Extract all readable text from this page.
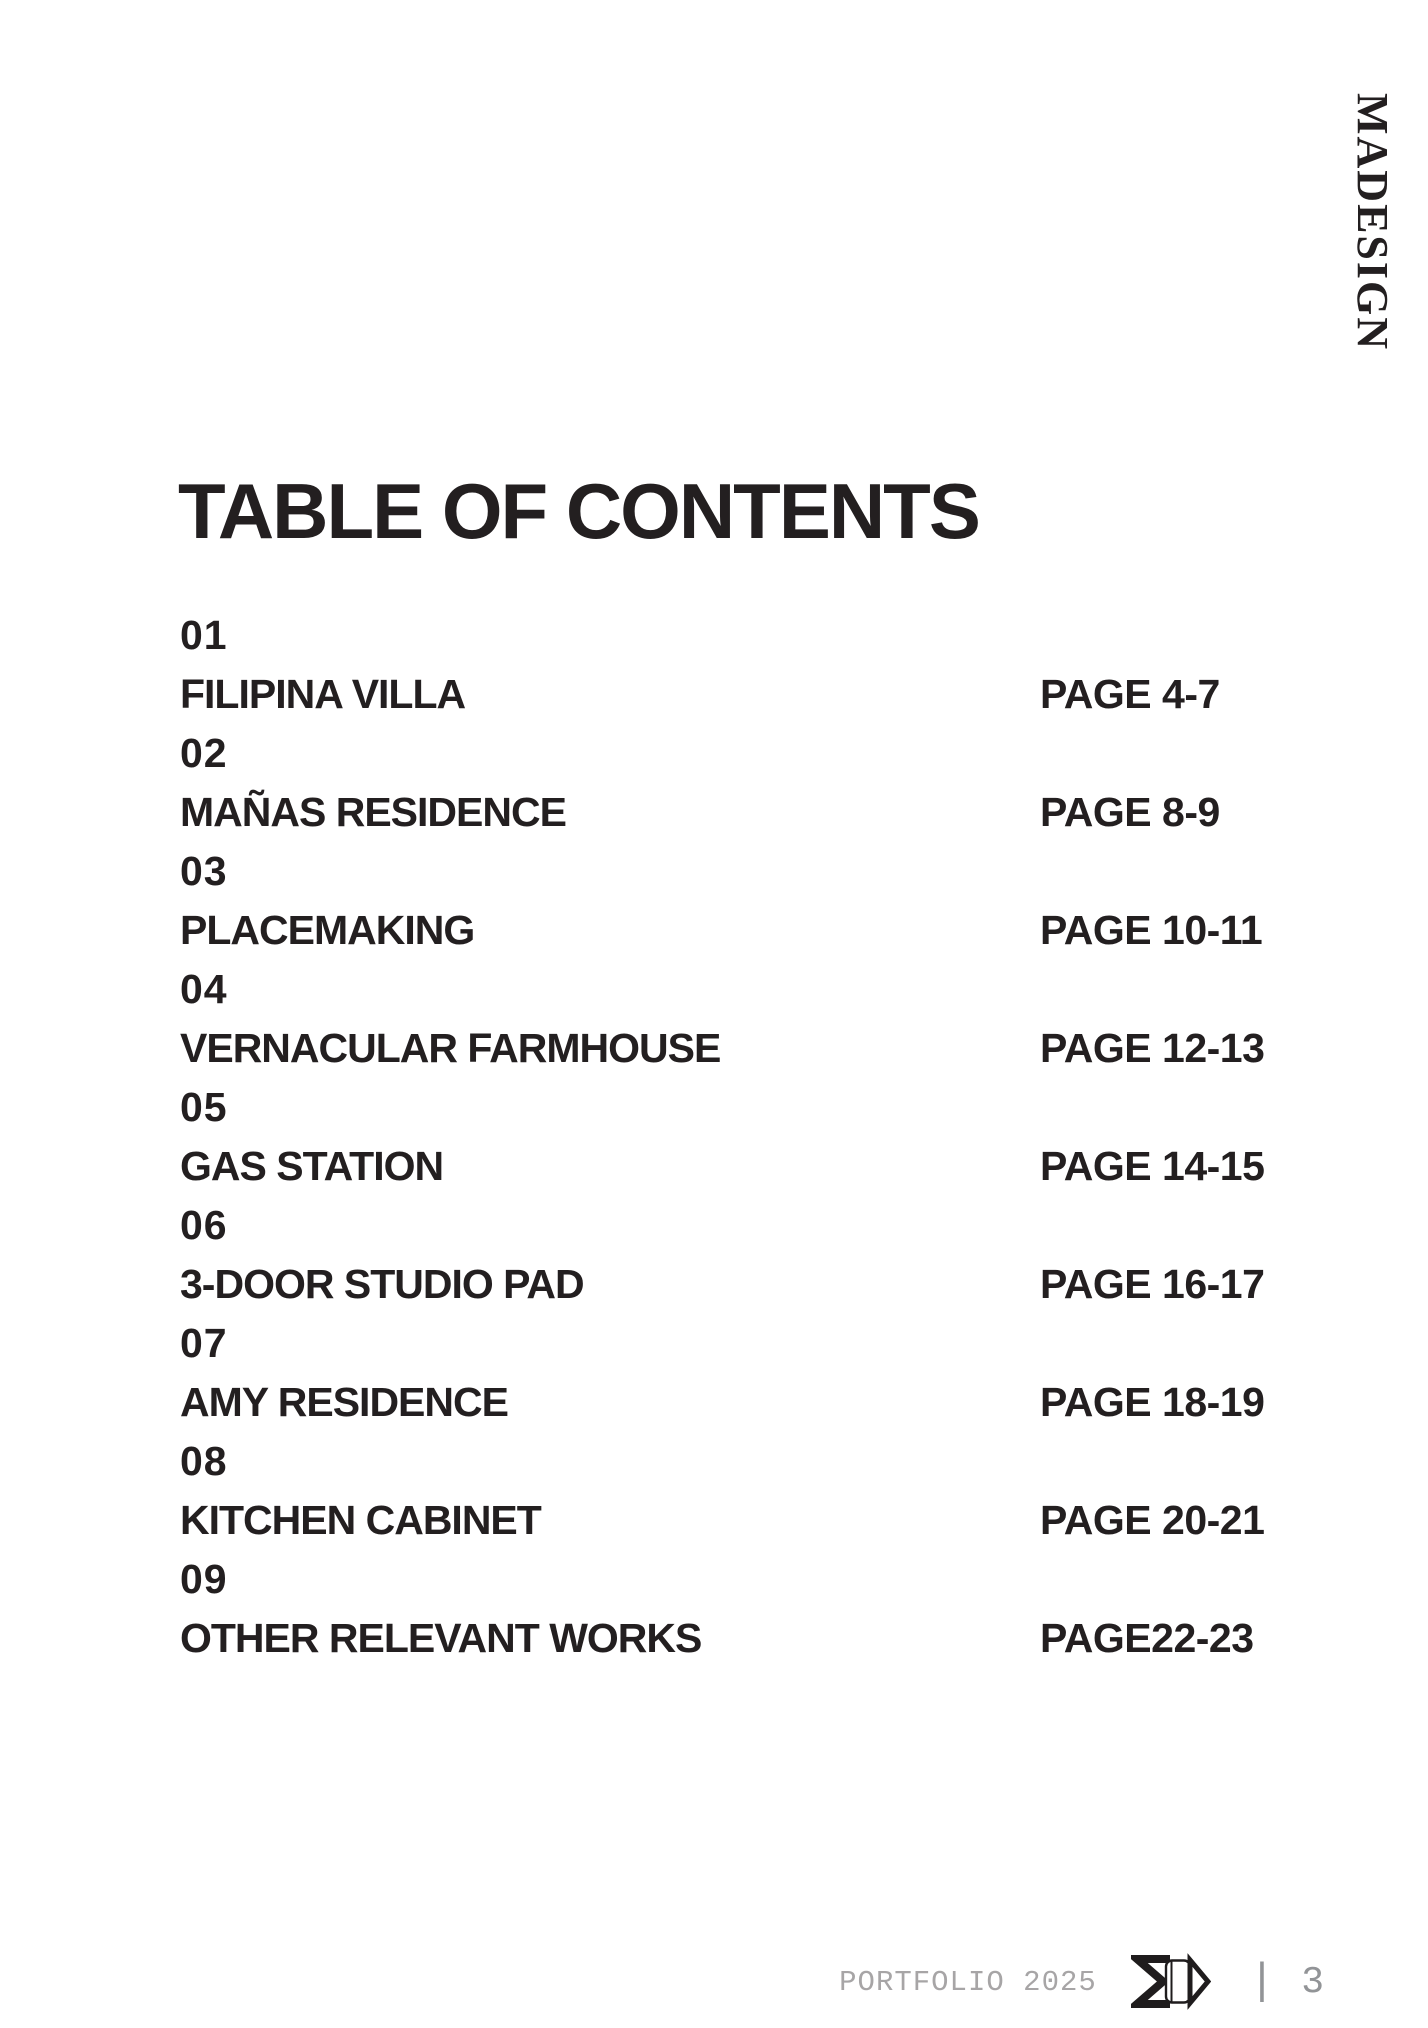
MADESIGN
TABLE OF CONTENTS
01
FILIPINA VILLA	PAGE 4-7
02
MAÑAS RESIDENCE	PAGE 8-9
03
PLACEMAKING	PAGE 10-11
04
VERNACULAR FARMHOUSE	PAGE 12-13
05
GAS STATION	PAGE 14-15
06
3-DOOR STUDIO PAD	PAGE 16-17
07
AMY RESIDENCE	PAGE 18-19
08
KITCHEN CABINET	PAGE 20-21
09
OTHER RELEVANT WORKS	PAGE22-23
PORTFOLIO 2025	| 3
